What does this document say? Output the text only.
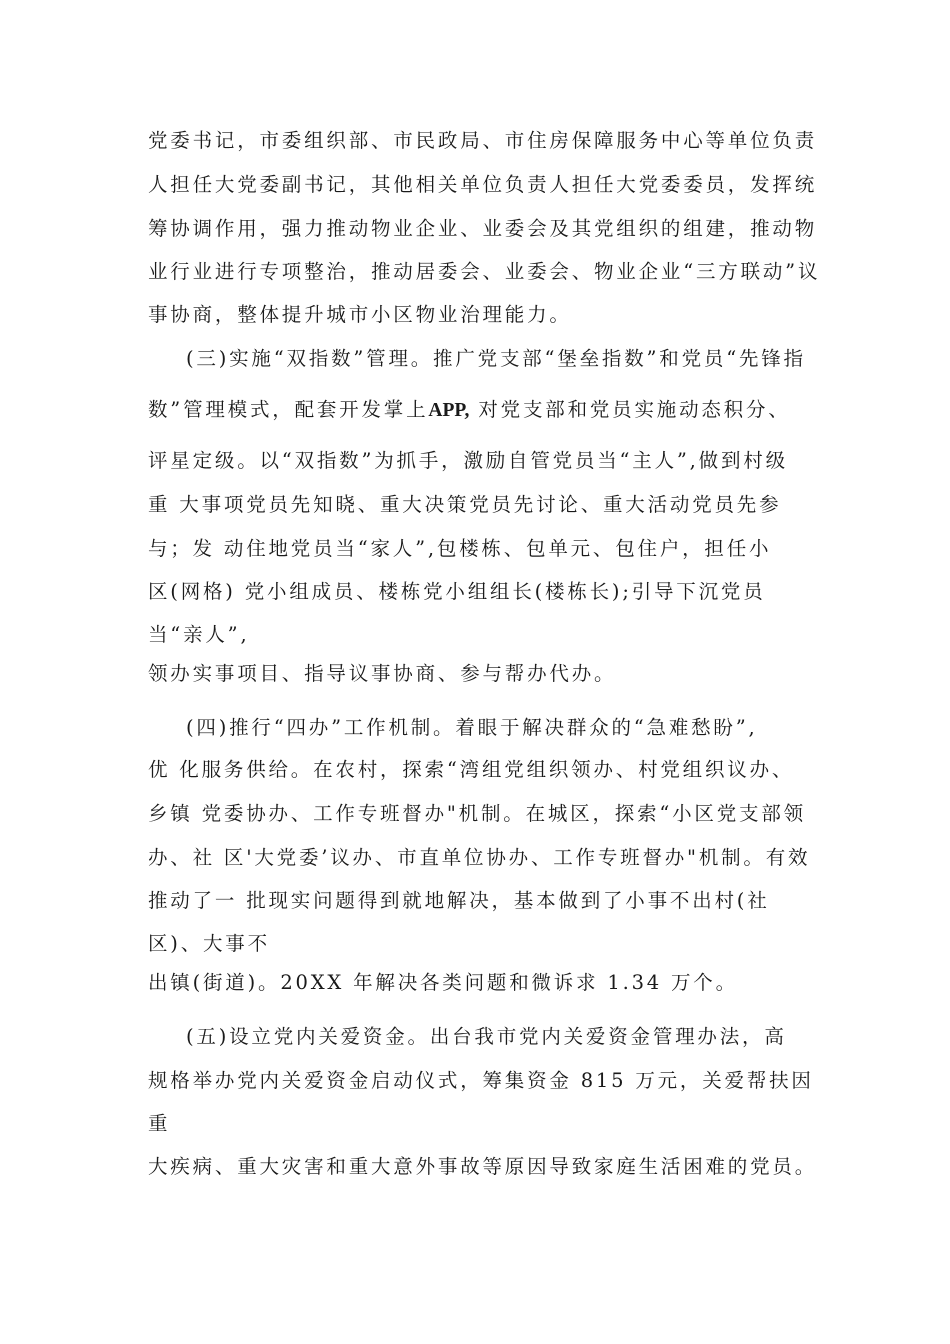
党委书记，市委组织部、市民政局、市住房保障服务中心等单位负责
人担任大党委副书记，其他相关单位负责人担任大党委委员，发挥统
筹协调作用，强力推动物业企业、业委会及其党组织的组建，推动物
业行业进行专项整治，推动居委会、业委会、物业企业“三方联动”议
事协商，整体提升城市小区物业治理能力。
(三)实施“双指数”管理。推广党支部“堡垒指数”和党员“先锋指
数”管理模式，配套开发掌上APP, 对党支部和党员实施动态积分、
评星定级。以“双指数”为抓手，激励自管党员当“主人”,做到村级
重 大事项党员先知晓、重大决策党员先讨论、重大活动党员先参
与；发 动住地党员当“家人”,包楼栋、包单元、包住户，担任小
区(网格) 党小组成员、楼栋党小组组长(楼栋长);引导下沉党员
当“亲人”,
领办实事项目、指导议事协商、参与帮办代办。
(四)推行“四办”工作机制。着眼于解决群众的“急难愁盼”,
优 化服务供给。在农村，探索“湾组党组织领办、村党组织议办、
乡镇 党委协办、工作专班督办"机制。在城区，探索“小区党支部领
办、社 区'大党委’议办、市直单位协办、工作专班督办"机制。有效
推动了一 批现实问题得到就地解决，基本做到了小事不出村(社
区)、大事不
出镇(街道)。20XX 年解决各类问题和微诉求 1.34 万个。
(五)设立党内关爱资金。出台我市党内关爱资金管理办法，高
规格举办党内关爱资金启动仪式，筹集资金 815 万元，关爱帮扶因
重
大疾病、重大灾害和重大意外事故等原因导致家庭生活困难的党员。
